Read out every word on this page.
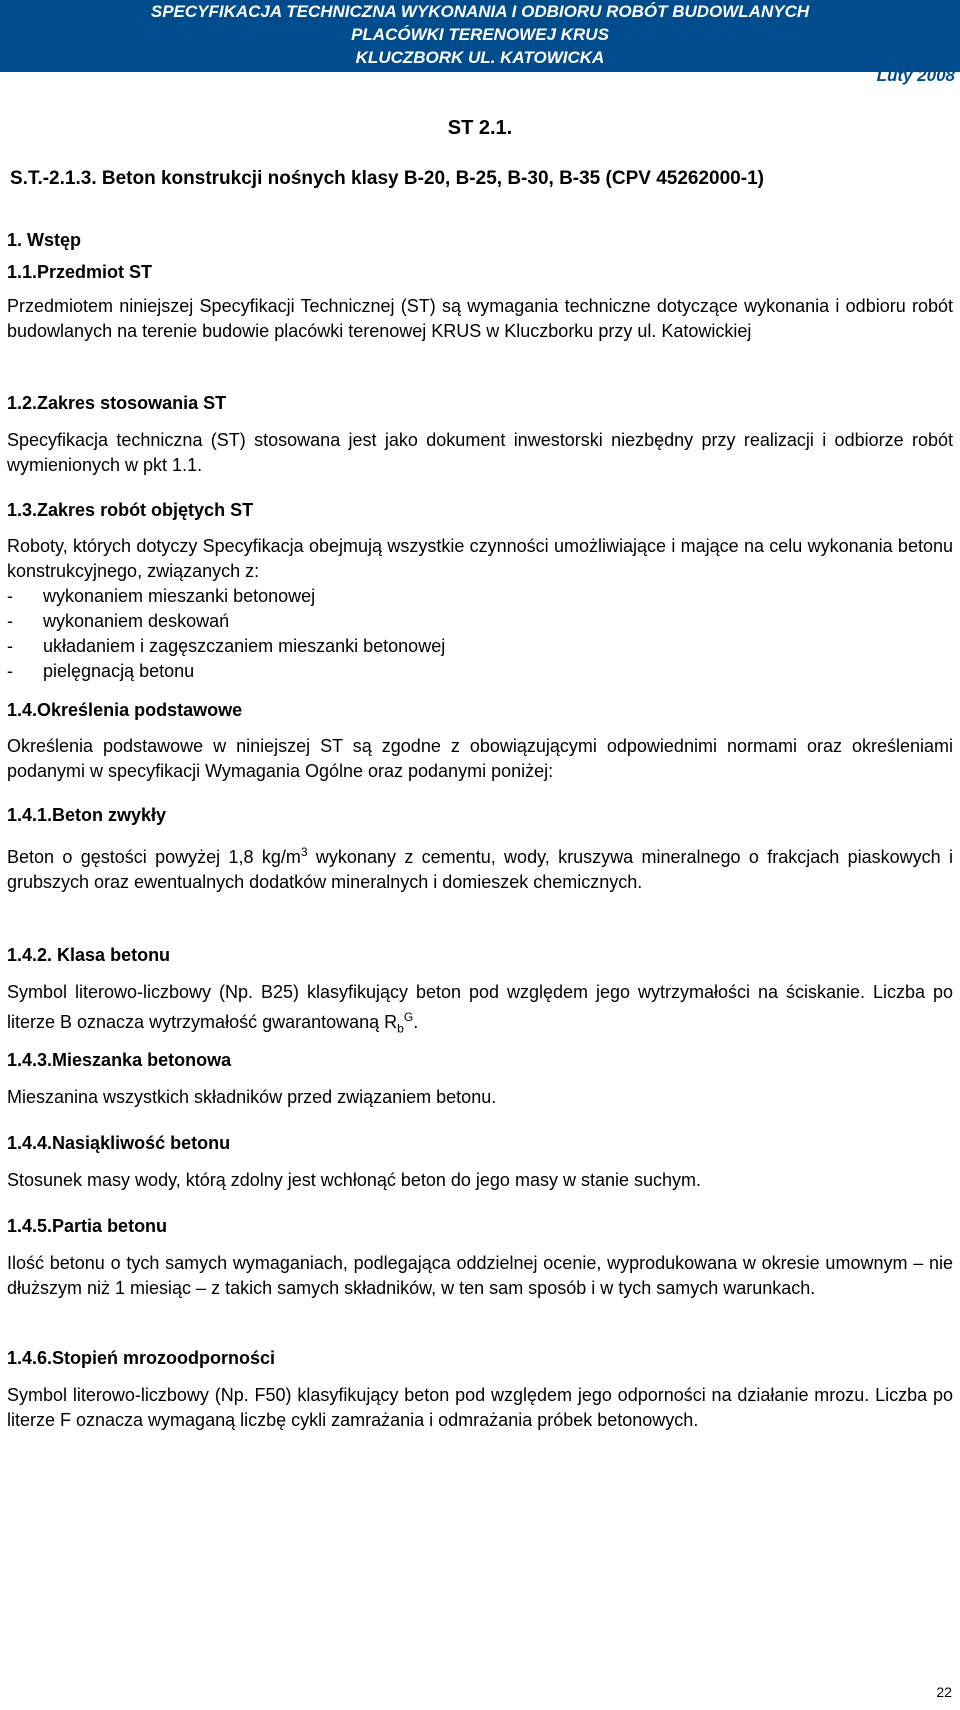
SPECYFIKACJA TECHNICZNA WYKONANIA I ODBIORU ROBÓT BUDOWLANYCH
PLACÓWKI TERENOWEJ KRUS
KLUCZBORK UL. KATOWICKA
Luty 2008
ST 2.1.
S.T.-2.1.3. Beton konstrukcji nośnych klasy B-20, B-25, B-30, B-35 (CPV 45262000-1)
1. Wstęp
1.1.Przedmiot ST
Przedmiotem niniejszej Specyfikacji Technicznej (ST) są wymagania techniczne dotyczące wykonania i odbioru robót budowlanych na terenie budowie placówki terenowej KRUS w Kluczborku przy ul. Katowickiej
1.2.Zakres stosowania ST
Specyfikacja techniczna (ST) stosowana jest jako dokument inwestorski niezbędny przy realizacji i odbiorze robót wymienionych w pkt 1.1.
1.3.Zakres robót objętych ST
Roboty, których dotyczy Specyfikacja obejmują wszystkie czynności umożliwiające i mające na celu wykonania betonu konstrukcyjnego, związanych z:
-	wykonaniem mieszanki betonowej
-	wykonaniem deskowań
-	układaniem i zagęszczaniem mieszanki betonowej
-	pielęgnacją betonu
1.4.Określenia podstawowe
Określenia podstawowe w niniejszej ST są zgodne z obowiązującymi odpowiednimi normami oraz określeniami podanymi w specyfikacji Wymagania Ogólne oraz podanymi poniżej:
1.4.1.Beton zwykły
Beton o gęstości powyżej 1,8 $kg/m^3$ wykonany z cementu, wody, kruszywa mineralnego o frakcjach piaskowych i grubszych oraz ewentualnych dodatków mineralnych i domieszek chemicznych.
1.4.2. Klasa betonu
Symbol literowo-liczbowy (Np. B25) klasyfikujący beton pod względem jego wytrzymałości na ściskanie. Liczba po literze B oznacza wytrzymałość gwarantowaną $R_b^G$.
1.4.3.Mieszanka betonowa
Mieszanina wszystkich składników przed związaniem betonu.
1.4.4.Nasiąkliwość betonu
Stosunek masy wody, którą zdolny jest wchłonąć beton do jego masy w stanie suchym.
1.4.5.Partia betonu
Ilość betonu o tych samych wymaganiach, podlegająca oddzielnej ocenie, wyprodukowana w okresie umownym – nie dłuższym niż 1 miesiąc – z takich samych składników, w ten sam sposób i w tych samych warunkach.
1.4.6.Stopień mrozoodporności
Symbol literowo-liczbowy (Np. F50) klasyfikujący beton pod względem jego odporności na działanie mrozu. Liczba po literze F oznacza wymaganą liczbę cykli zamrażania i odmrażania próbek betonowych.
22
